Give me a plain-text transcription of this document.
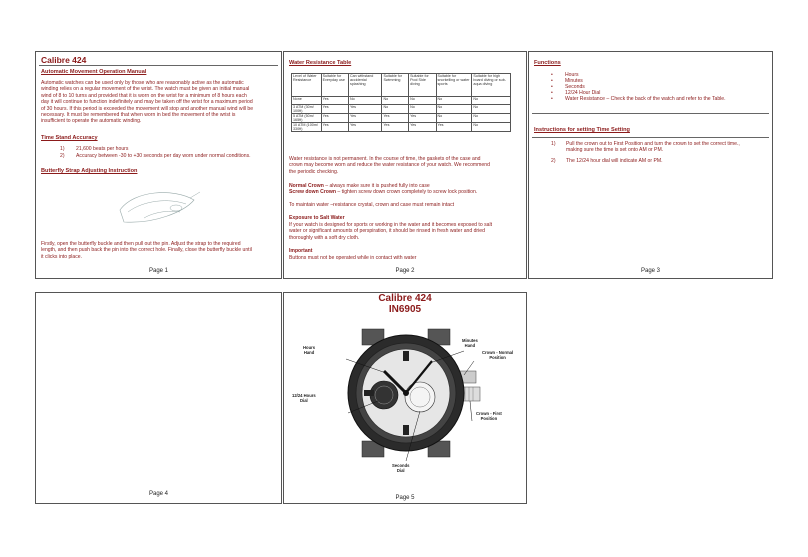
Calibre 424
Automatic Movement Operation Manual
Automatic watches can be used only by those who are reasonably active as the automatic
winding relies on a regular movement of the wrist. The watch must be given an initial manual
wind of 8 to 10 turns and provided that it is worn on the wrist for a minimum of 8 hours each
day it will continue to function indefinitely and may be taken off the wrist for a maximum period
of 30 hours. If this period is exceeded the movement will stop and another manual wind will be
necessary. It must be remembered that when worn in bed the movement of the wrist is
insufficient to operate the automatic winding.
Time Stand Accuracy
1) 21,600 beats per hours
2) Accuracy between -30 to +30 seconds per day worn under normal conditions.
Butterfly Strap Adjusting Instruction
Firstly, open the butterfly buckle and then pull out the pin. Adjust the strap to the required
length, and then push back the pin into the correct hole. Finally, close the butterfly buckle until
it clicks into place.
Page 1
Water Resistance Table
Level of Water Resistance	Suitable for Everyday use	Can withstand accidental splashing	Suitable for Swimming	Suitable for Pool Side diving	Suitable for snorkelling or water sports	Suitable for high board diving or sub-aqua diving
None	Yes	No	No	No	No	No
3 ATM (30m/ 100ft)	Yes	Yes	No	No	No	No
5 ATM (50m/ 165ft)	Yes	Yes	Yes	Yes	No	No
10 ATM (100m/ 330ft)	Yes	Yes	Yes	Yes	Yes	No
Water resistance is not permanent. In the course of time, the gaskets of the case and
crown may become worn and reduce the water resistance of your watch. We recommend
the periodic checking.
Normal Crown – always make sure it is pushed fully into case
Screw down Crown – tighten screw down crown completely to screw lock position.
To maintain water –resistance crystal, crown and case must remain intact
Exposure to Salt Water
If your watch is designed for sports or working in the water and it becomes exposed to salt
water or significant amounts of perspiration, it should be rinsed in fresh water and dried
thoroughly with a soft dry cloth.
Important
Buttons must not be operated while in contact with water
Page 2
Functions
• Hours
• Minutes
• Seconds
• 12/24 Hour Dial
• Water Resistance – Check the back of the watch and refer to the Table.
Instructions for setting Time Setting
1)	Pull the crown out to First Position and turn the crown to set the correct time.,
making sure the time is set onto AM or PM.
2)	The 12/24 hour dial will indicate AM or PM.
Page 3
Page 4
Calibre 424
IN6905
Hours
Hand
Minutes
Hand
Crown - Normal
Position
12/24 Hours
Dial
Crown - First
Position
Seconds
Dial
Page 5
